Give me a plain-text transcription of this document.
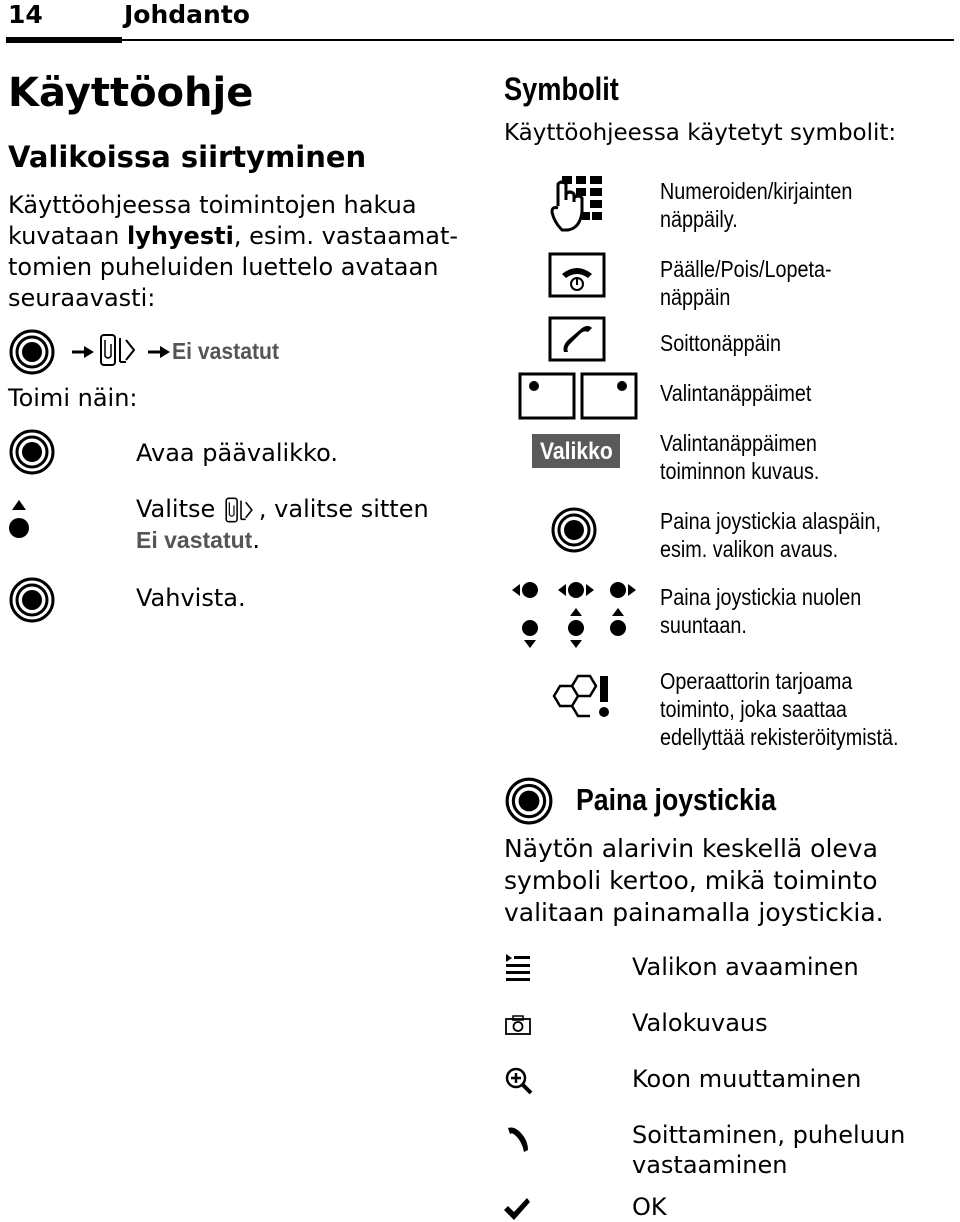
14	Johdanto
Käyttöohje
Valikoissa siirtyminen
Käyttöohjeessa toimintojen hakua kuvataan lyhyesti, esim. vastaamat-tomien puheluiden luettelo avataan seuraavasti:
Ei vastatut
Toimi näin:
Avaa päävalikko.
Valitse
, valitse sitten
Ei vastatut.
Vahvista.
Symbolit
Käyttöohjeessa käytetyt symbolit:
Numeroiden/kirjainten
näppäily.
Päälle/Pois/Lopeta-
näppäin
Soittonäppäin
Valintanäppäimet
Valikko	Valintanäppäimen
toiminnon kuvaus.
Paina joystickia alaspäin,
esim. valikon avaus.
Paina joystickia nuolen
suuntaan.
Operaattorin tarjoama
toiminto, joka saattaa
edellyttää rekisteröitymistä.
Paina joystickia
Näytön alarivin keskellä oleva
symboli kertoo, mikä toiminto
valitaan painamalla joystickia.
Valikon avaaminen
Valokuvaus
Koon muuttaminen
Soittaminen, puheluun
vastaaminen
OK
